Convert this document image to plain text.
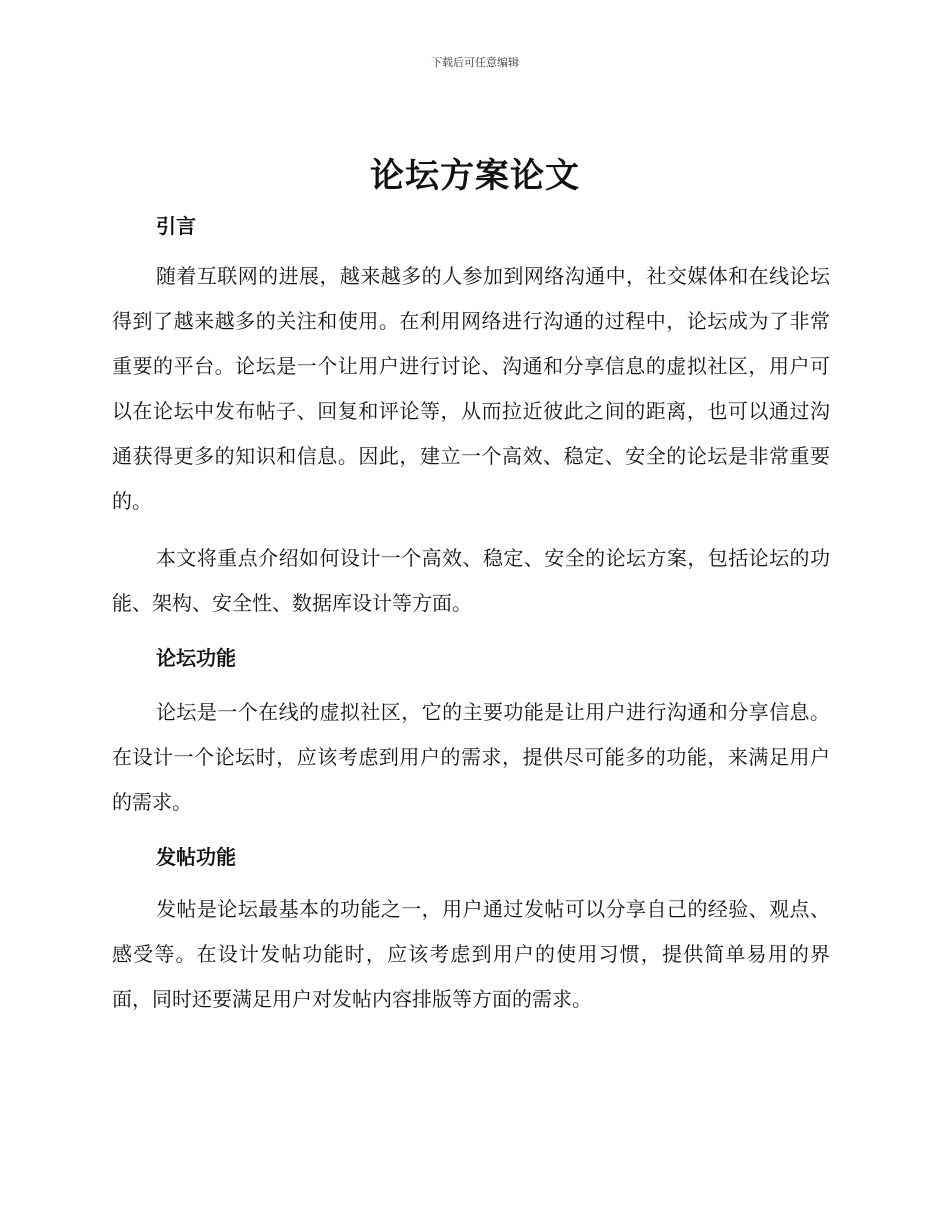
下载后可任意编辑
论坛方案论文

引言

随着互联网的进展，越来越多的人参加到网络沟通中，社交媒体和在线论坛得到了越来越多的关注和使用。在利用网络进行沟通的过程中，论坛成为了非常重要的平台。论坛是一个让用户进行讨论、沟通和分享信息的虚拟社区，用户可以在论坛中发布帖子、回复和评论等，从而拉近彼此之间的距离，也可以通过沟通获得更多的知识和信息。因此，建立一个高效、稳定、安全的论坛是非常重要的。

本文将重点介绍如何设计一个高效、稳定、安全的论坛方案，包括论坛的功能、架构、安全性、数据库设计等方面。

论坛功能

论坛是一个在线的虚拟社区，它的主要功能是让用户进行沟通和分享信息。在设计一个论坛时，应该考虑到用户的需求，提供尽可能多的功能，来满足用户的需求。

发帖功能

发帖是论坛最基本的功能之一，用户通过发帖可以分享自己的经验、观点、感受等。在设计发帖功能时，应该考虑到用户的使用习惯，提供简单易用的界面，同时还要满足用户对发帖内容排版等方面的需求。
